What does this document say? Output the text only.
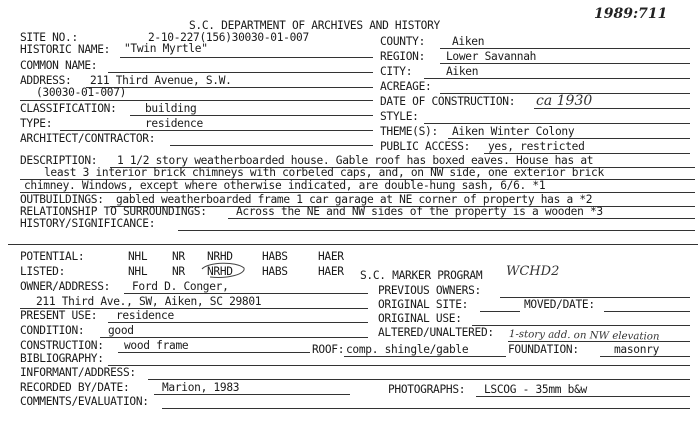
1989:711
S.C. DEPARTMENT OF ARCHIVES AND HISTORY
SITE NO.:	2-10-227(156)30030-01-007
HISTORIC NAME: "Twin Myrtle"
COMMON NAME:
ADDRESS: 211 Third Avenue, S.W.
(30030-01-007)
CLASSIFICATION:	building
TYPE:	residence
ARCHITECT/CONTRACTOR:
COUNTY: Aiken
REGION: Lower Savannah
CITY:	Aiken
ACREAGE:
DATE OF CONSTRUCTION: ca 1930
STYLE:
THEME(S): Aiken Winter Colony
PUBLIC ACCESS: yes, restricted
DESCRIPTION: 1 1/2 story weatherboarded house. Gable roof has boxed eaves. House has at
least 3 interior brick chimneys with corbeled caps, and, on NW side, one exterior brick
chimney. Windows, except where otherwise indicated, are double-hung sash, 6/6. *1
OUTBUILDINGS: gabled weatherboarded frame 1 car garage at NE corner of property has a *2
RELATIONSHIP TO SURROUNDINGS:	Across the NE and NW sides of the property is a wooden *3
HISTORY/SIGNIFICANCE:
POTENTIAL:	NHL NR NRHD	HABS	HAER
LISTED:	NHL NR NRHD	HABS	HAER
OWNER/ADDRESS: Ford D. Conger,
211 Third Ave., SW, Aiken, SC 29801
PRESENT USE: residence
CONDITION: good
CONSTRUCTION: wood frame	ROOF: comp. shingle/gable	FOUNDATION:	masonry
BIBLIOGRAPHY:
INFORMANT/ADDRESS:
RECORDED BY/DATE:	Marion, 1983	PHOTOGRAPHS: LSCOG - 35mm b&w
COMMENTS/EVALUATION:
S.C. MARKER PROGRAM WCHD2
PREVIOUS OWNERS:
ORIGINAL SITE:	MOVED/DATE:
ORIGINAL USE:
ALTERED/UNALTERED: 1-story add. on NW elevation
